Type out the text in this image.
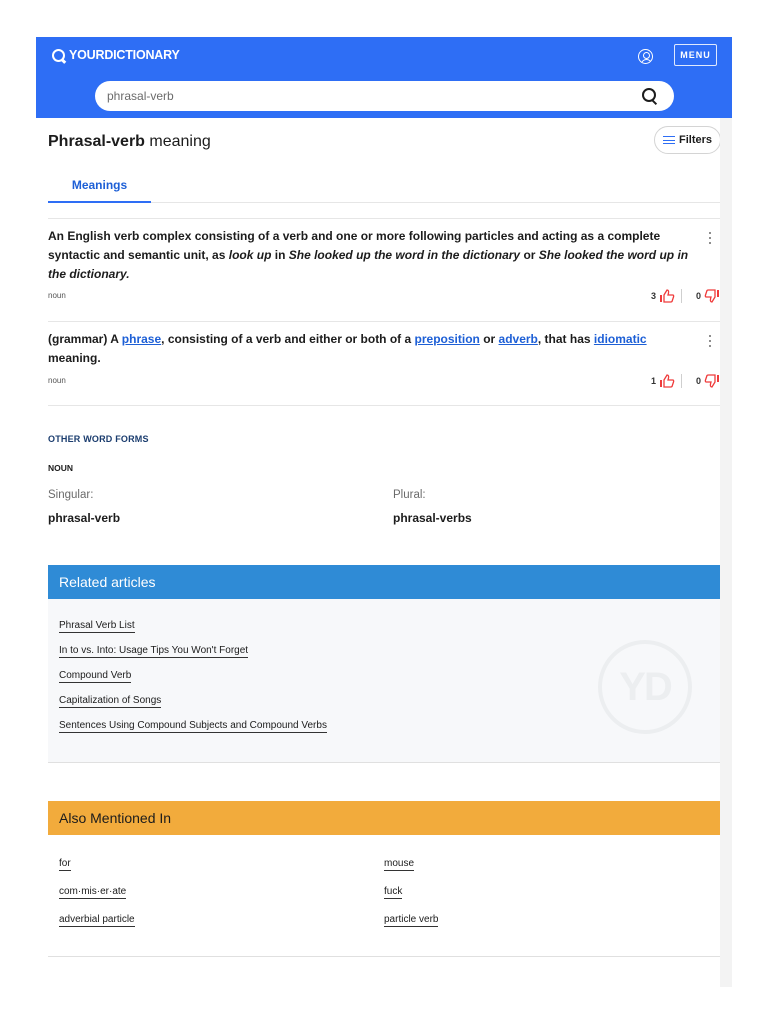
YOURDICTIONARY	MENU
phrasal-verb
Phrasal-verb meaning	Filters
Meanings
An English verb complex consisting of a verb and one or more following particles and acting as a complete syntactic and semantic unit, as look up in She looked up the word in the dictionary or She looked the word up in the dictionary.
noun	3	0
(grammar) A phrase, consisting of a verb and either or both of a preposition or adverb, that has idiomatic meaning.
noun	1	0
OTHER WORD FORMS
NOUN
Singular:
phrasal-verb
Plural:
phrasal-verbs
Related articles
YD
Phrasal Verb List
In to vs. Into: Usage Tips You Won't Forget
Compound Verb
Capitalization of Songs
Sentences Using Compound Subjects and Compound Verbs
Also Mentioned In
for	mouse
com·mis·er·ate	fuck
adverbial particle	particle verb
